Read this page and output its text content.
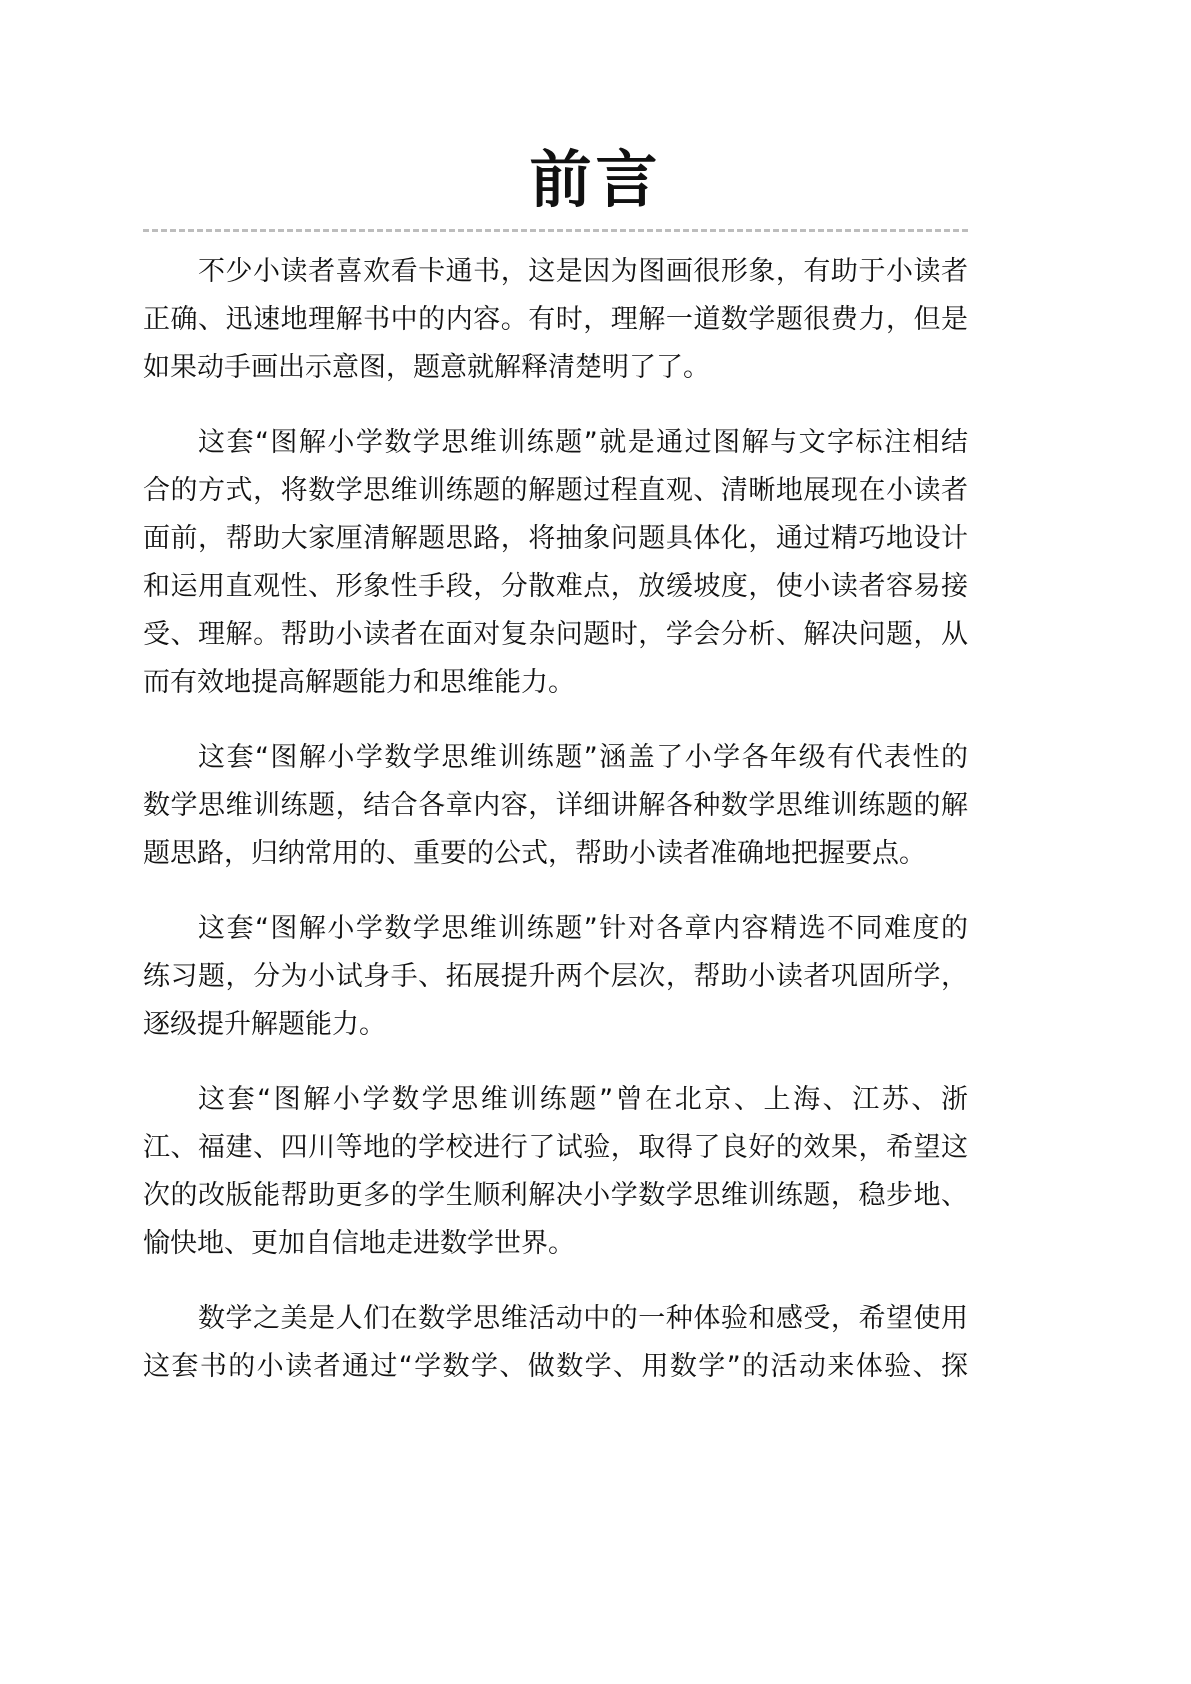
前言
不少小读者喜欢看卡通书，这是因为图画很形象，有助于小读者
正确、迅速地理解书中的内容。有时，理解一道数学题很费力，但是
如果动手画出示意图，题意就解释清楚明了了。
这套“图解小学数学思维训练题”就是通过图解与文字标注相结
合的方式，将数学思维训练题的解题过程直观、清晰地展现在小读者
面前，帮助大家厘清解题思路，将抽象问题具体化，通过精巧地设计
和运用直观性、形象性手段，分散难点，放缓坡度，使小读者容易接
受、理解。帮助小读者在面对复杂问题时，学会分析、解决问题，从
而有效地提高解题能力和思维能力。
这套“图解小学数学思维训练题”涵盖了小学各年级有代表性的
数学思维训练题，结合各章内容，详细讲解各种数学思维训练题的解
题思路，归纳常用的、重要的公式，帮助小读者准确地把握要点。
这套“图解小学数学思维训练题”针对各章内容精选不同难度的
练习题，分为小试身手、拓展提升两个层次，帮助小读者巩固所学，
逐级提升解题能力。
这套“图解小学数学思维训练题”曾在北京、上海、江苏、浙
江、福建、四川等地的学校进行了试验，取得了良好的效果，希望这
次的改版能帮助更多的学生顺利解决小学数学思维训练题，稳步地、
愉快地、更加自信地走进数学世界。
数学之美是人们在数学思维活动中的一种体验和感受，希望使用
这套书的小读者通过“学数学、做数学、用数学”的活动来体验、探
